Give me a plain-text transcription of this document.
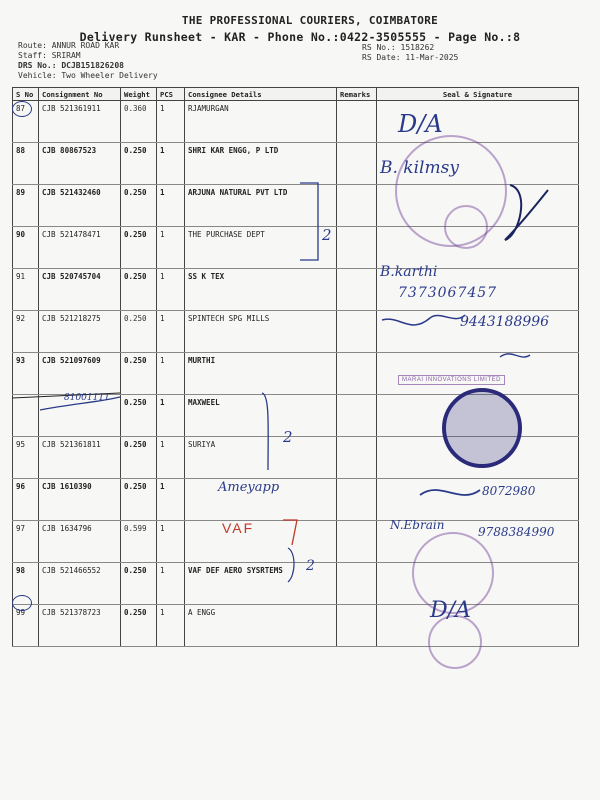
THE PROFESSIONAL COURIERS, COIMBATORE
Delivery Runsheet - KAR - Phone No.:0422-3505555 - Page No.:8
Route: ANNUR ROAD KAR
Staff: SRIRAM
DRS No.: DCJB151826208
Vehicle: Two Wheeler Delivery
RS No.: 1518262
RS Date: 11-Mar-2025
S No	Consignment No	Weight	PCS	Consignee Details	Remarks	Seal & Signature
87	CJB 521361911	0.360	1	RJAMURGAN		
88	CJB 80867523	0.250	1	SHRI KAR ENGG, P LTD		
89	CJB 521432460	0.250	1	ARJUNA NATURAL PVT LTD		
90	CJB 521478471	0.250	1	THE PURCHASE DEPT		
91	CJB 520745704	0.250	1	SS K TEX		
92	CJB 521218275	0.250	1	SPINTECH SPG MILLS		
93	CJB 521097609	0.250	1	MURTHI		
		0.250	1	MAXWEEL		
95	CJB 521361811	0.250	1	SURIYA		
96	CJB 1610390	0.250	1			
97	CJB 1634796	0.599	1			
98	CJB 521466552	0.250	1	VAF DEF AERO SYSRTEMS		
99	CJB 521378723	0.250	1	A ENGG		
MARAI INNOVATIONS LIMITED
D/A
B. kilmsy
2
B.karthi
7373067457
9443188996
81001111
2
Ameyapp	8072980
VAF	N.Ebrain	9788384990
2
D/A
